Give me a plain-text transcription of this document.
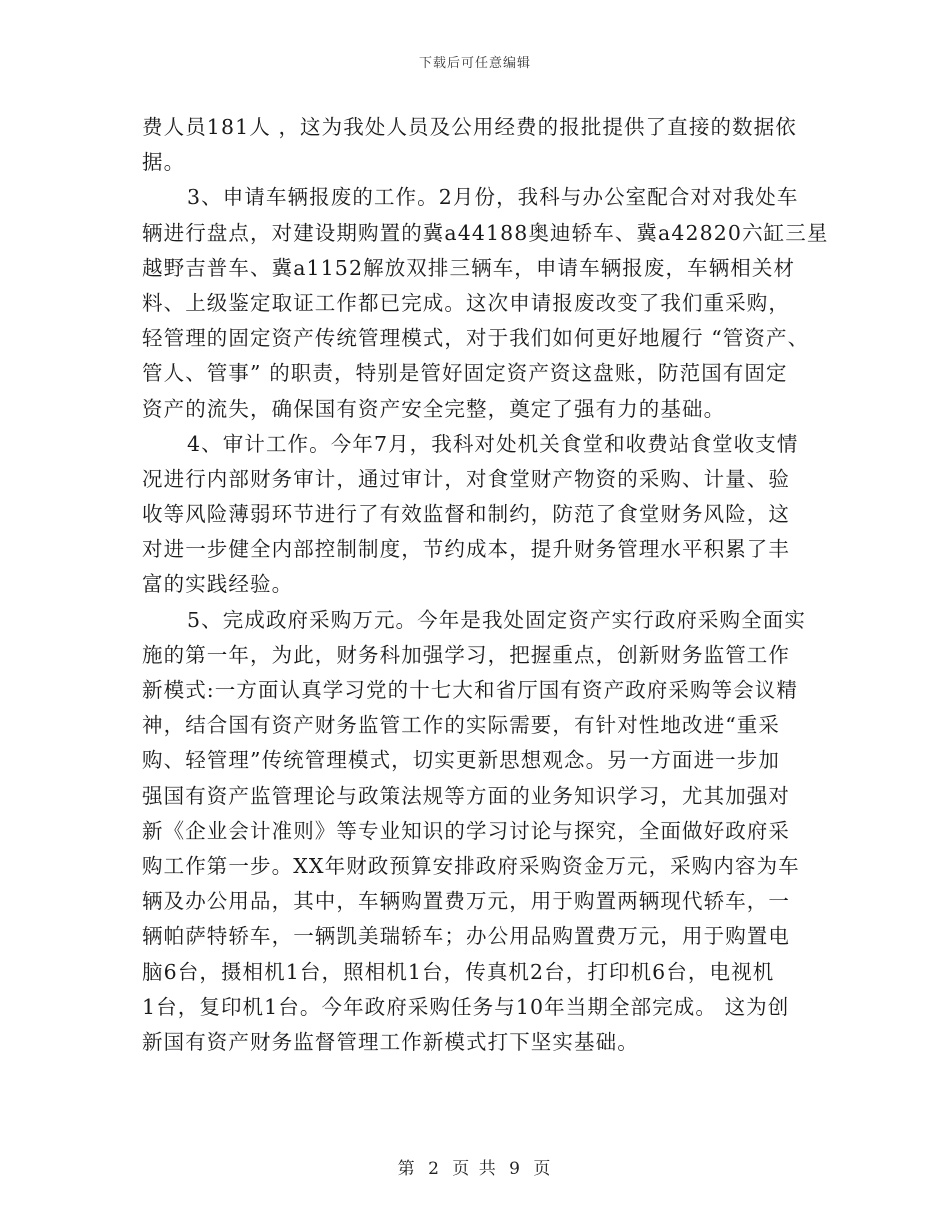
下载后可任意编辑
费人员181人 ，这为我处人员及公用经费的报批提供了直接的数据依
据。
3、申请车辆报废的工作。2月份，我科与办公室配合对对我处车
辆进行盘点，对建设期购置的冀a44188奥迪轿车、冀a42820六缸三星
越野吉普车、冀a1152解放双排三辆车，申请车辆报废，车辆相关材
料、上级鉴定取证工作都已完成。这次申请报废改变了我们重采购，
轻管理的固定资产传统管理模式，对于我们如何更好地履行 “管资产、
管人、管事” 的职责，特别是管好固定资产资这盘账，防范国有固定
资产的流失，确保国有资产安全完整，奠定了强有力的基础。
4、审计工作。今年7月，我科对处机关食堂和收费站食堂收支情
况进行内部财务审计，通过审计，对食堂财产物资的采购、计量、验
收等风险薄弱环节进行了有效监督和制约，防范了食堂财务风险，这
对进一步健全内部控制制度，节约成本，提升财务管理水平积累了丰
富的实践经验。
5、完成政府采购万元。今年是我处固定资产实行政府采购全面实
施的第一年，为此，财务科加强学习，把握重点，创新财务监管工作
新模式:一方面认真学习党的十七大和省厅国有资产政府采购等会议精
神，结合国有资产财务监管工作的实际需要，有针对性地改进“重采
购、轻管理”传统管理模式，切实更新思想观念。另一方面进一步加
强国有资产监管理论与政策法规等方面的业务知识学习，尤其加强对
新《企业会计准则》等专业知识的学习讨论与探究，全面做好政府采
购工作第一步。XX年财政预算安排政府采购资金万元，采购内容为车
辆及办公用品，其中，车辆购置费万元，用于购置两辆现代轿车，一
辆帕萨特轿车，一辆凯美瑞轿车；办公用品购置费万元，用于购置电
脑6台，摄相机1台，照相机1台，传真机2台，打印机6台，电视机
1台，复印机1台。今年政府采购任务与10年当期全部完成。 这为创
新国有资产财务监督管理工作新模式打下坚实基础。
第 2 页 共 9 页
